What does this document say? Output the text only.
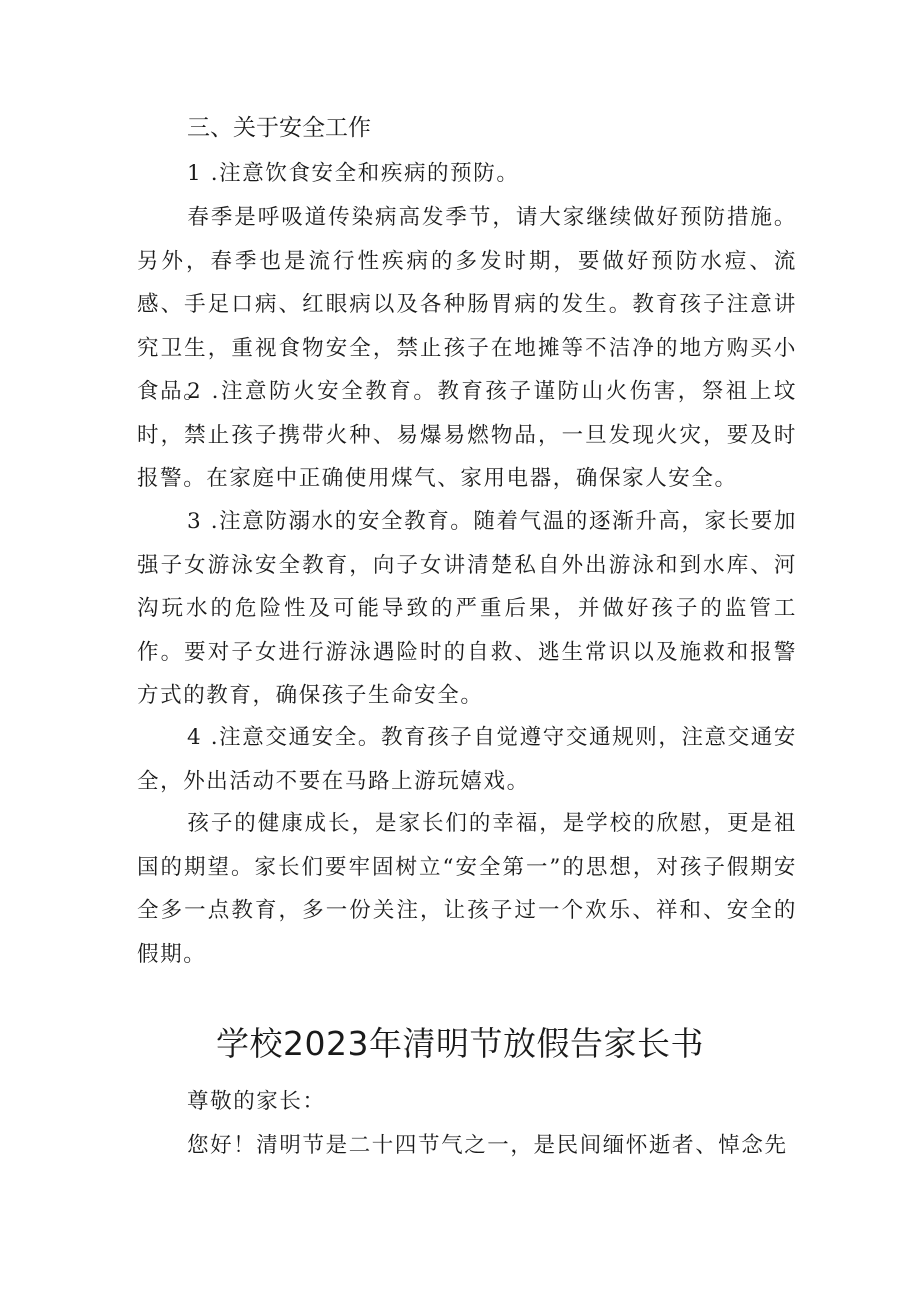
三、关于安全工作

1 .注意饮食安全和疾病的预防。

春季是呼吸道传染病高发季节，请大家继续做好预防措施。另外，春季也是流行性疾病的多发时期，要做好预防水痘、流感、手足口病、红眼病以及各种肠胃病的发生。教育孩子注意讲究卫生，重视食物安全，禁止孩子在地摊等不洁净的地方购买小食品。

2 .注意防火安全教育。教育孩子谨防山火伤害，祭祖上坟时，禁止孩子携带火种、易爆易燃物品，一旦发现火灾，要及时报警。在家庭中正确使用煤气、家用电器，确保家人安全。

3 .注意防溺水的安全教育。随着气温的逐渐升高，家长要加强子女游泳安全教育，向子女讲清楚私自外出游泳和到水库、河沟玩水的危险性及可能导致的严重后果，并做好孩子的监管工作。要对子女进行游泳遇险时的自救、逃生常识以及施救和报警方式的教育，确保孩子生命安全。

4 .注意交通安全。教育孩子自觉遵守交通规则，注意交通安全，外出活动不要在马路上游玩嬉戏。

孩子的健康成长，是家长们的幸福，是学校的欣慰，更是祖国的期望。家长们要牢固树立“安全第一”的思想，对孩子假期安全多一点教育，多一份关注，让孩子过一个欢乐、祥和、安全的假期。

学校2023年清明节放假告家长书

尊敬的家长：

您好！清明节是二十四节气之一，是民间缅怀逝者、悼念先
